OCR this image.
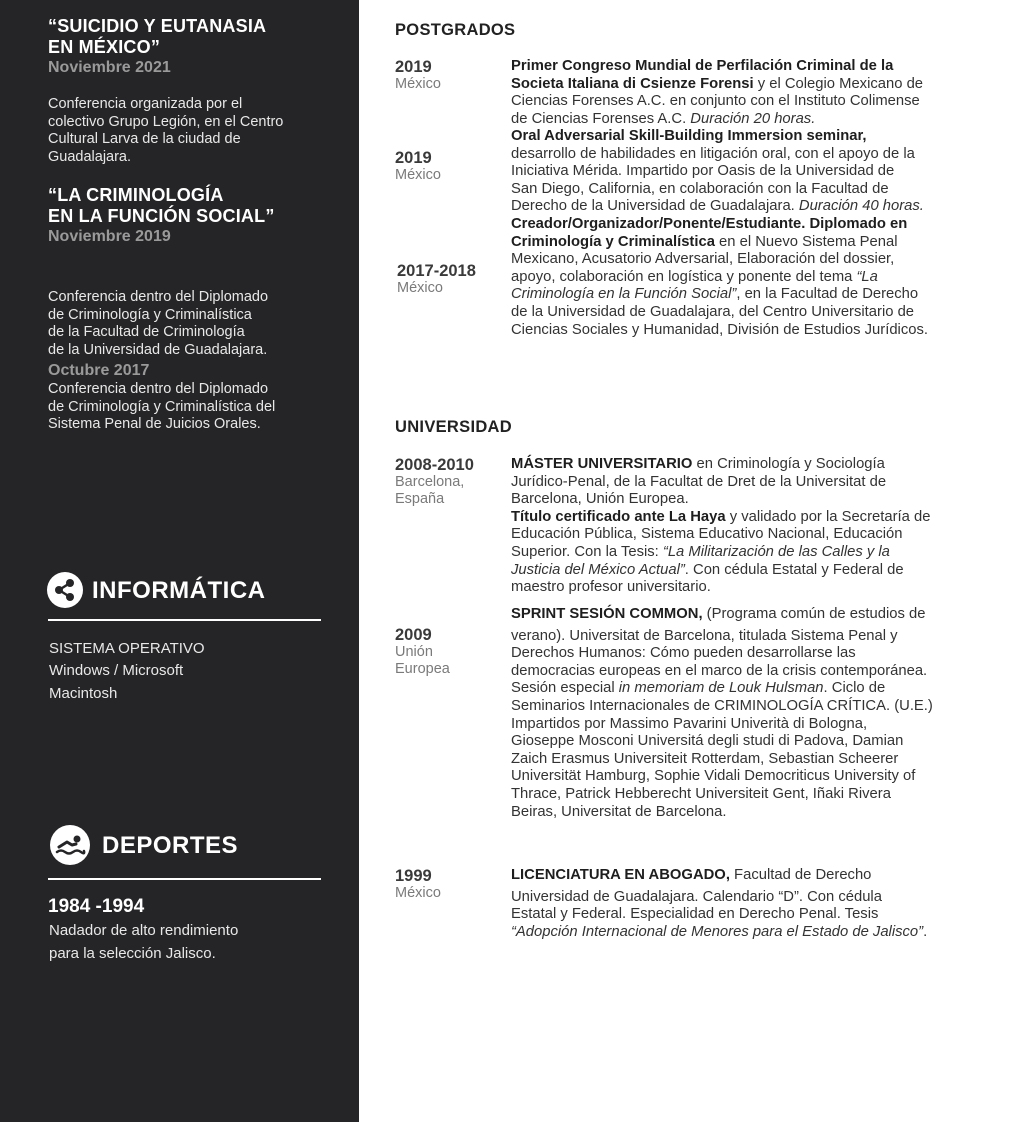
“SUICIDIO Y EUTANASIA
EN MÉXICO”
Noviembre 2021
Conferencia organizada por el
colectivo Grupo Legión, en el Centro
Cultural Larva de la ciudad de
Guadalajara.
“LA CRIMINOLOGÍA
EN LA FUNCIÓN SOCIAL”
Noviembre 2019
Conferencia dentro del Diplomado
de Criminología y Criminalística
de la Facultad de Criminología
de la Universidad de Guadalajara.
Octubre 2017
Conferencia dentro del Diplomado
de Criminología y Criminalística del
Sistema Penal de Juicios Orales.
INFORMÁTICA
SISTEMA OPERATIVO
Windows / Microsoft
Macintosh
DEPORTES
1984 -1994
Nadador de alto rendimiento
para la selección Jalisco.
POSTGRADOS
2019
México
2019
México
2017-2018
México
Primer Congreso Mundial de Perfilación Criminal de la
Societa Italiana di Csienze Forensi y el Colegio Mexicano de
Ciencias Forenses A.C. en conjunto con el Instituto Colimense
de Ciencias Forenses A.C. Duración 20 horas.
Oral Adversarial Skill-Building Immersion seminar,
desarrollo de habilidades en litigación oral, con el apoyo de la
Iniciativa Mérida. Impartido por Oasis de la Universidad de
San Diego, California, en colaboración con la Facultad de
Derecho de la Universidad de Guadalajara. Duración 40 horas.
Creador/Organizador/Ponente/Estudiante. Diplomado en
Criminología y Criminalística en el Nuevo Sistema Penal
Mexicano, Acusatorio Adversarial, Elaboración del dossier,
apoyo, colaboración en logística y ponente del tema “La
Criminología en la Función Social”, en la Facultad de Derecho
de la Universidad de Guadalajara, del Centro Universitario de
Ciencias Sociales y Humanidad, División de Estudios Jurídicos.
UNIVERSIDAD
2008-2010
Barcelona,
España
2009
Unión
Europea
1999
México
MÁSTER UNIVERSITARIO en Criminología y Sociología
Jurídico-Penal, de la Facultat de Dret de la Universitat de
Barcelona, Unión Europea.
Título certificado ante La Haya y validado por la Secretaría de
Educación Pública, Sistema Educativo Nacional, Educación
Superior. Con la Tesis: “La Militarización de las Calles y la
Justicia del México Actual”. Con cédula Estatal y Federal de
maestro profesor universitario.
SPRINT SESIÓN COMMON, (Programa común de estudios de
verano). Universitat de Barcelona, titulada Sistema Penal y
Derechos Humanos: Cómo pueden desarrollarse las
democracias europeas en el marco de la crisis contemporánea.
Sesión especial in memoriam de Louk Hulsman. Ciclo de
Seminarios Internacionales de CRIMINOLOGÍA CRÍTICA. (U.E.)
Impartidos por Massimo Pavarini Univerità di Bologna,
Gioseppe Mosconi Universitá degli studi di Padova, Damian
Zaich Erasmus Universiteit Rotterdam, Sebastian Scheerer
Universität Hamburg, Sophie Vidali Democriticus University of
Thrace, Patrick Hebberecht Universiteit Gent, Iñaki Rivera
Beiras, Universitat de Barcelona.
LICENCIATURA EN ABOGADO, Facultad de Derecho
Universidad de Guadalajara. Calendario “D”. Con cédula
Estatal y Federal. Especialidad en Derecho Penal. Tesis
“Adopción Internacional de Menores para el Estado de Jalisco”.
